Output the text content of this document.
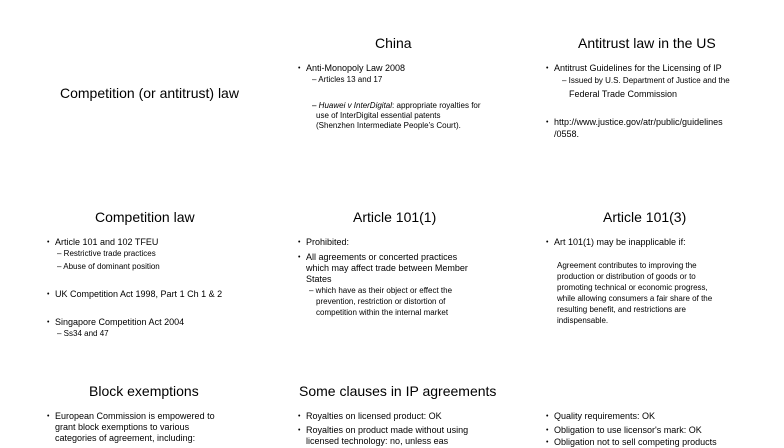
Competition (or antitrust) law
China
• Anti-Monopoly Law 2008
– Articles 13 and 17
– Huawei v InterDigital: appropriate royalties for
use of InterDigital essential patents
(Shenzhen Intermediate People’s Court).
Antitrust law in the US
• Antitrust Guidelines for the Licensing of IP
– Issued by U.S. Department of Justice and the
Federal Trade Commission
• http://www.justice.gov/atr/public/guidelines
/0558.
Competition law
• Article 101 and 102 TFEU
– Restrictive trade practices
– Abuse of dominant position
• UK Competition Act 1998, Part 1 Ch 1 & 2
• Singapore Competition Act 2004
– Ss34 and 47
Article 101(1)
• Prohibited:
• All agreements or concerted practices
which may affect trade between Member
States
– which have as their object or effect the
prevention, restriction or distortion of
competition within the internal market
Article 101(3)
• Art 101(1) may be inapplicable if:
Agreement contributes to improving the
production or distribution of goods or to
promoting technical or economic progress,
while allowing consumers a fair share of the
resulting benefit, and restrictions are
indispensable.
Block exemptions
• European Commission is empowered to
grant block exemptions to various
categories of agreement, including:
Some clauses in IP agreements
• Royalties on licensed product: OK
• Royalties on product made without using
licensed technology: no, unless eas
• Quality requirements: OK
• Obligation to use licensor's mark: OK
• Obligation not to sell competing products
